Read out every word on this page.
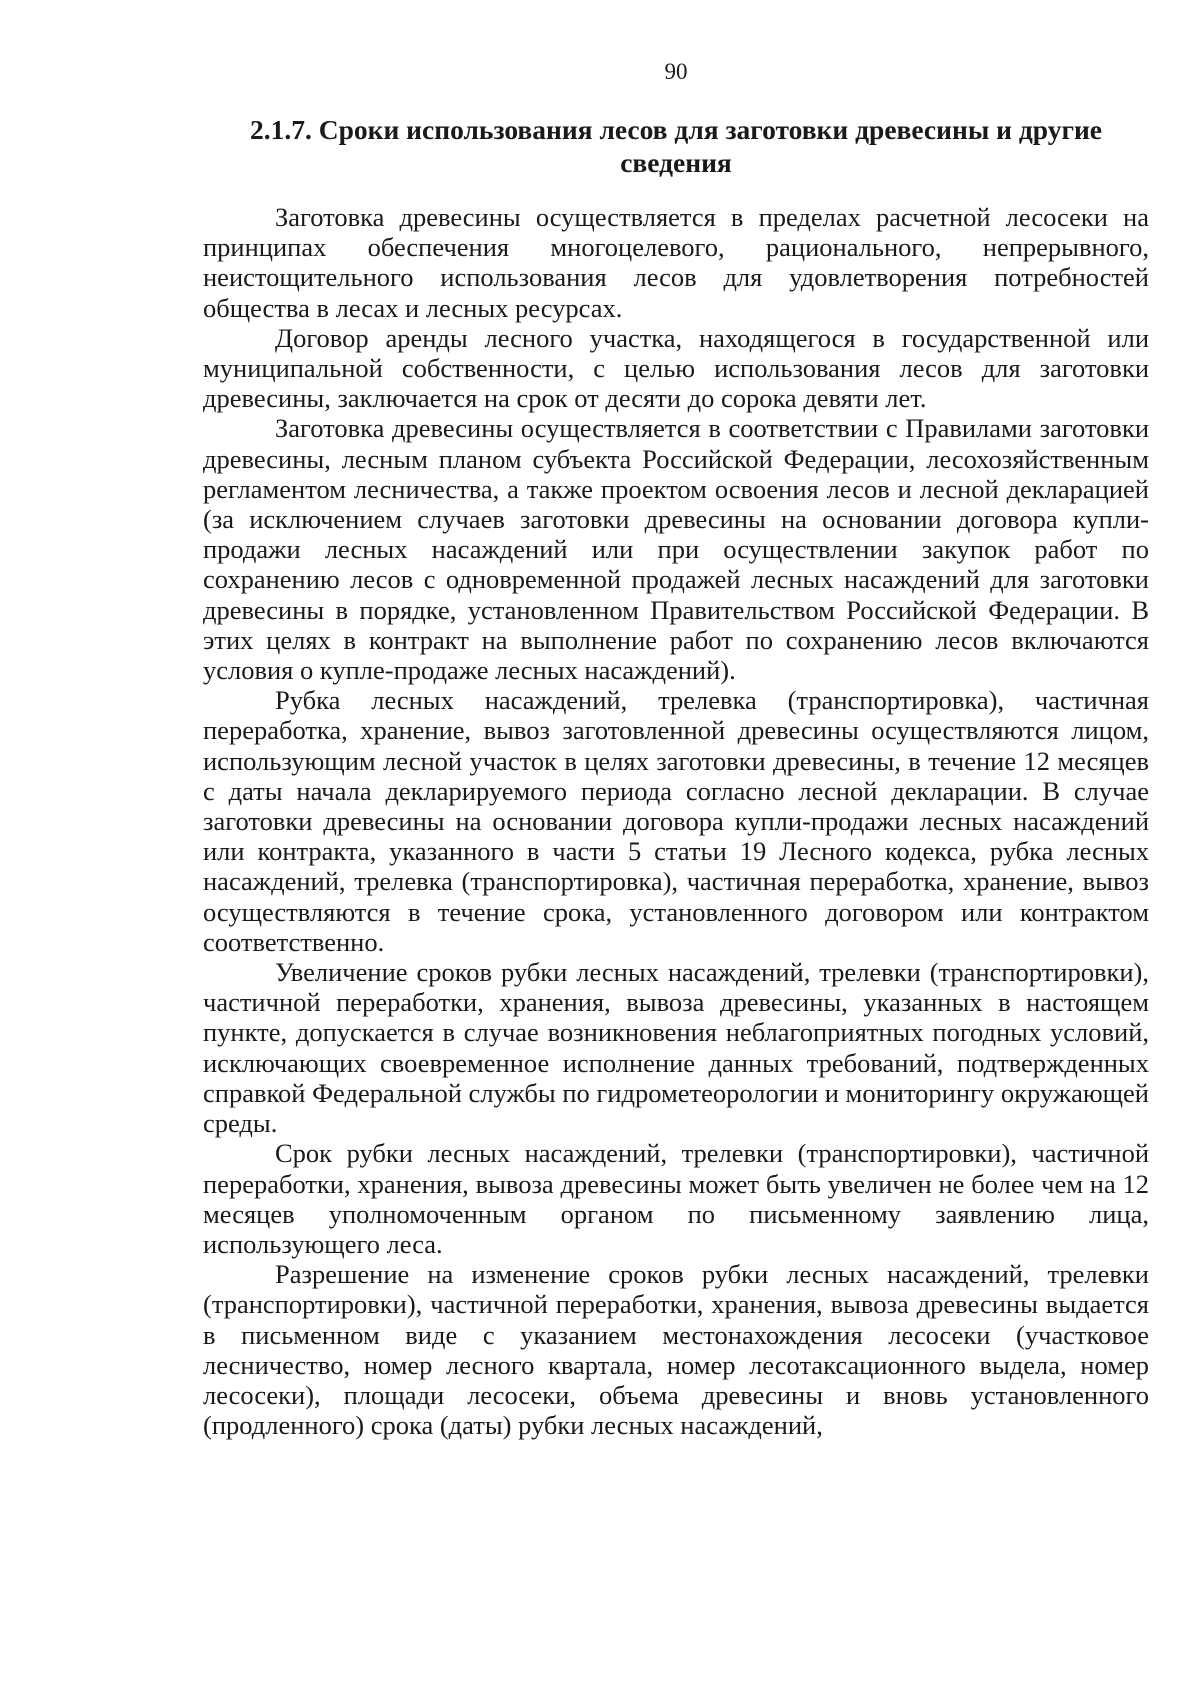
90
2.1.7. Сроки использования лесов для заготовки древесины и другие сведения

Заготовка древесины осуществляется в пределах расчетной лесосеки на принципах обеспечения многоцелевого, рационального, непрерывного, неистощительного использования лесов для удовлетворения потребностей общества в лесах и лесных ресурсах.

Договор аренды лесного участка, находящегося в государственной или муниципальной собственности, с целью использования лесов для заготовки древесины, заключается на срок от десяти до сорока девяти лет.

Заготовка древесины осуществляется в соответствии с Правилами заготовки древесины, лесным планом субъекта Российской Федерации, лесохозяйственным регламентом лесничества, а также проектом освоения лесов и лесной декларацией (за исключением случаев заготовки древесины на основании договора купли-продажи лесных насаждений или при осуществлении закупок работ по сохранению лесов с одновременной продажей лесных насаждений для заготовки древесины в порядке, установленном Правительством Российской Федерации. В этих целях в контракт на выполнение работ по сохранению лесов включаются условия о купле-продаже лесных насаждений).

Рубка лесных насаждений, трелевка (транспортировка), частичная переработка, хранение, вывоз заготовленной древесины осуществляются лицом, использующим лесной участок в целях заготовки древесины, в течение 12 месяцев с даты начала декларируемого периода согласно лесной декларации. В случае заготовки древесины на основании договора купли-продажи лесных насаждений или контракта, указанного в части 5 статьи 19 Лесного кодекса, рубка лесных насаждений, трелевка (транспортировка), частичная переработка, хранение, вывоз осуществляются в течение срока, установленного договором или контрактом соответственно.

Увеличение сроков рубки лесных насаждений, трелевки (транспортировки), частичной переработки, хранения, вывоза древесины, указанных в настоящем пункте, допускается в случае возникновения неблагоприятных погодных условий, исключающих своевременное исполнение данных требований, подтвержденных справкой Федеральной службы по гидрометеорологии и мониторингу окружающей среды.

Срок рубки лесных насаждений, трелевки (транспортировки), частичной переработки, хранения, вывоза древесины может быть увеличен не более чем на 12 месяцев уполномоченным органом по письменному заявлению лица, использующего леса.

Разрешение на изменение сроков рубки лесных насаждений, трелевки (транспортировки), частичной переработки, хранения, вывоза древесины выдается в письменном виде с указанием местонахождения лесосеки (участковое лесничество, номер лесного квартала, номер лесотаксационного выдела, номер лесосеки), площади лесосеки, объема древесины и вновь установленного (продленного) срока (даты) рубки лесных насаждений,
